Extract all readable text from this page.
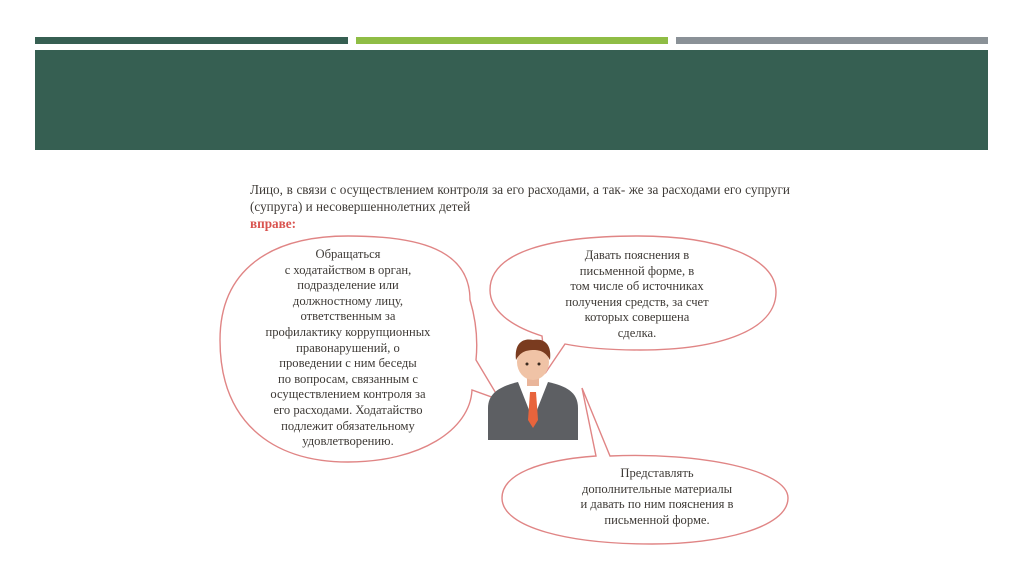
Лицо, в связи с осуществлением контроля за его расходами, а так- же за расходами его супруги (супруга) и несовершеннолетних детей
вправе:
Обращаться
с ходатайством в орган,
подразделение или
должностному лицу,
ответственным за
профилактику коррупционных
правонарушений, о
проведении с ним беседы
по вопросам, связанным с
осуществлением контроля за
его расходами. Ходатайство
подлежит обязательному
удовлетворению.
Давать пояснения в
письменной форме, в
том числе об источниках
получения средств, за счет
которых совершена
сделка.
Представлять
дополнительные материалы
и давать по ним пояснения в
письменной форме.
